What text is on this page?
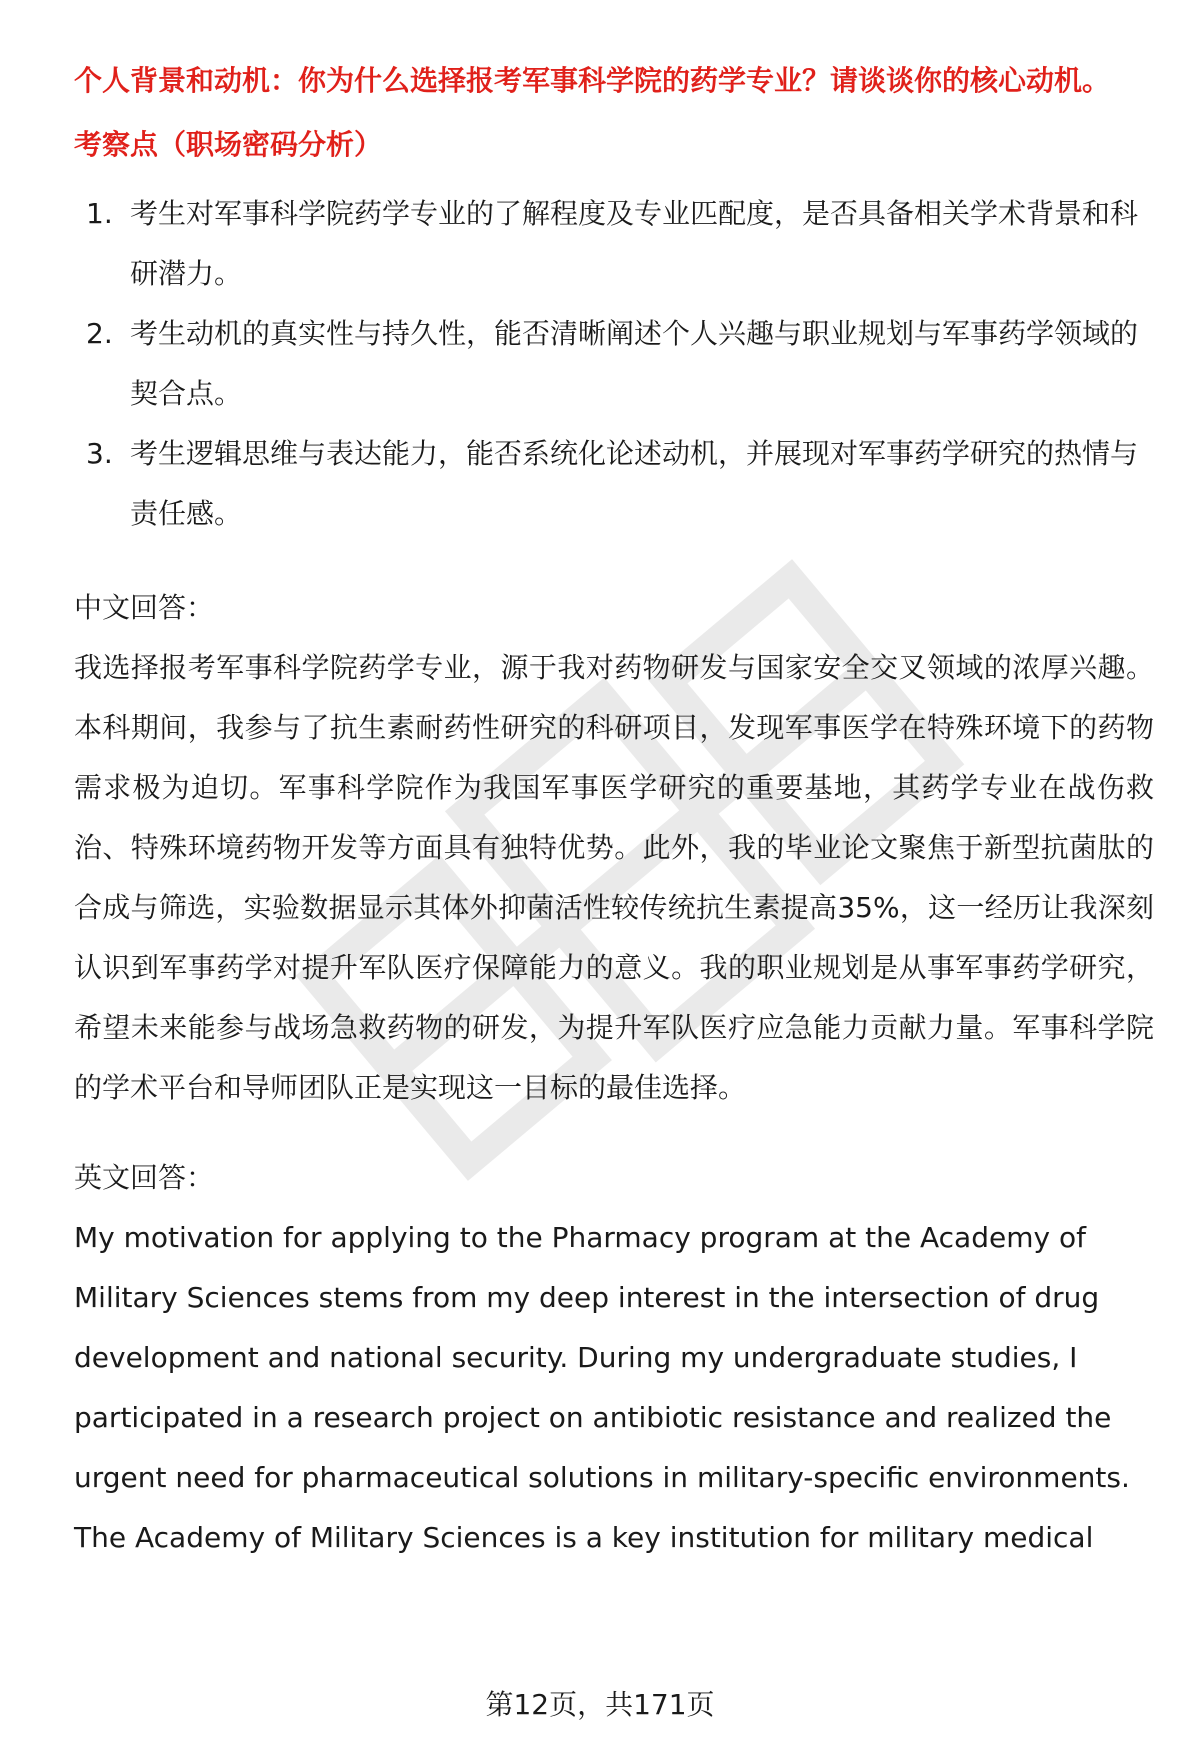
个人背景和动机：你为什么选择报考军事科学院的药学专业？请谈谈你的核心动机。
考察点（职场密码分析）
1. 考生对军事科学院药学专业的了解程度及专业匹配度，是否具备相关学术背景和科研潜力。
2. 考生动机的真实性与持久性，能否清晰阐述个人兴趣与职业规划与军事药学领域的契合点。
3. 考生逻辑思维与表达能力，能否系统化论述动机，并展现对军事药学研究的热情与责任感。

中文回答：

我选择报考军事科学院药学专业，源于我对药物研发与国家安全交叉领域的浓厚兴趣。本科期间，我参与了抗生素耐药性研究的科研项目，发现军事医学在特殊环境下的药物需求极为迫切。军事科学院作为我国军事医学研究的重要基地，其药学专业在战伤救治、特殊环境药物开发等方面具有独特优势。此外，我的毕业论文聚焦于新型抗菌肽的合成与筛选，实验数据显示其体外抑菌活性较传统抗生素提高35%，这一经历让我深刻认识到军事药学对提升军队医疗保障能力的意义。我的职业规划是从事军事药学研究，希望未来能参与战场急救药物的研发，为提升军队医疗应急能力贡献力量。军事科学院的学术平台和导师团队正是实现这一目标的最佳选择。

英文回答：

My motivation for applying to the Pharmacy program at the Academy of Military Sciences stems from my deep interest in the intersection of drug development and national security. During my undergraduate studies, I participated in a research project on antibiotic resistance and realized the urgent need for pharmaceutical solutions in military-specific environments. The Academy of Military Sciences is a key institution for military medical

第12页，共171页
